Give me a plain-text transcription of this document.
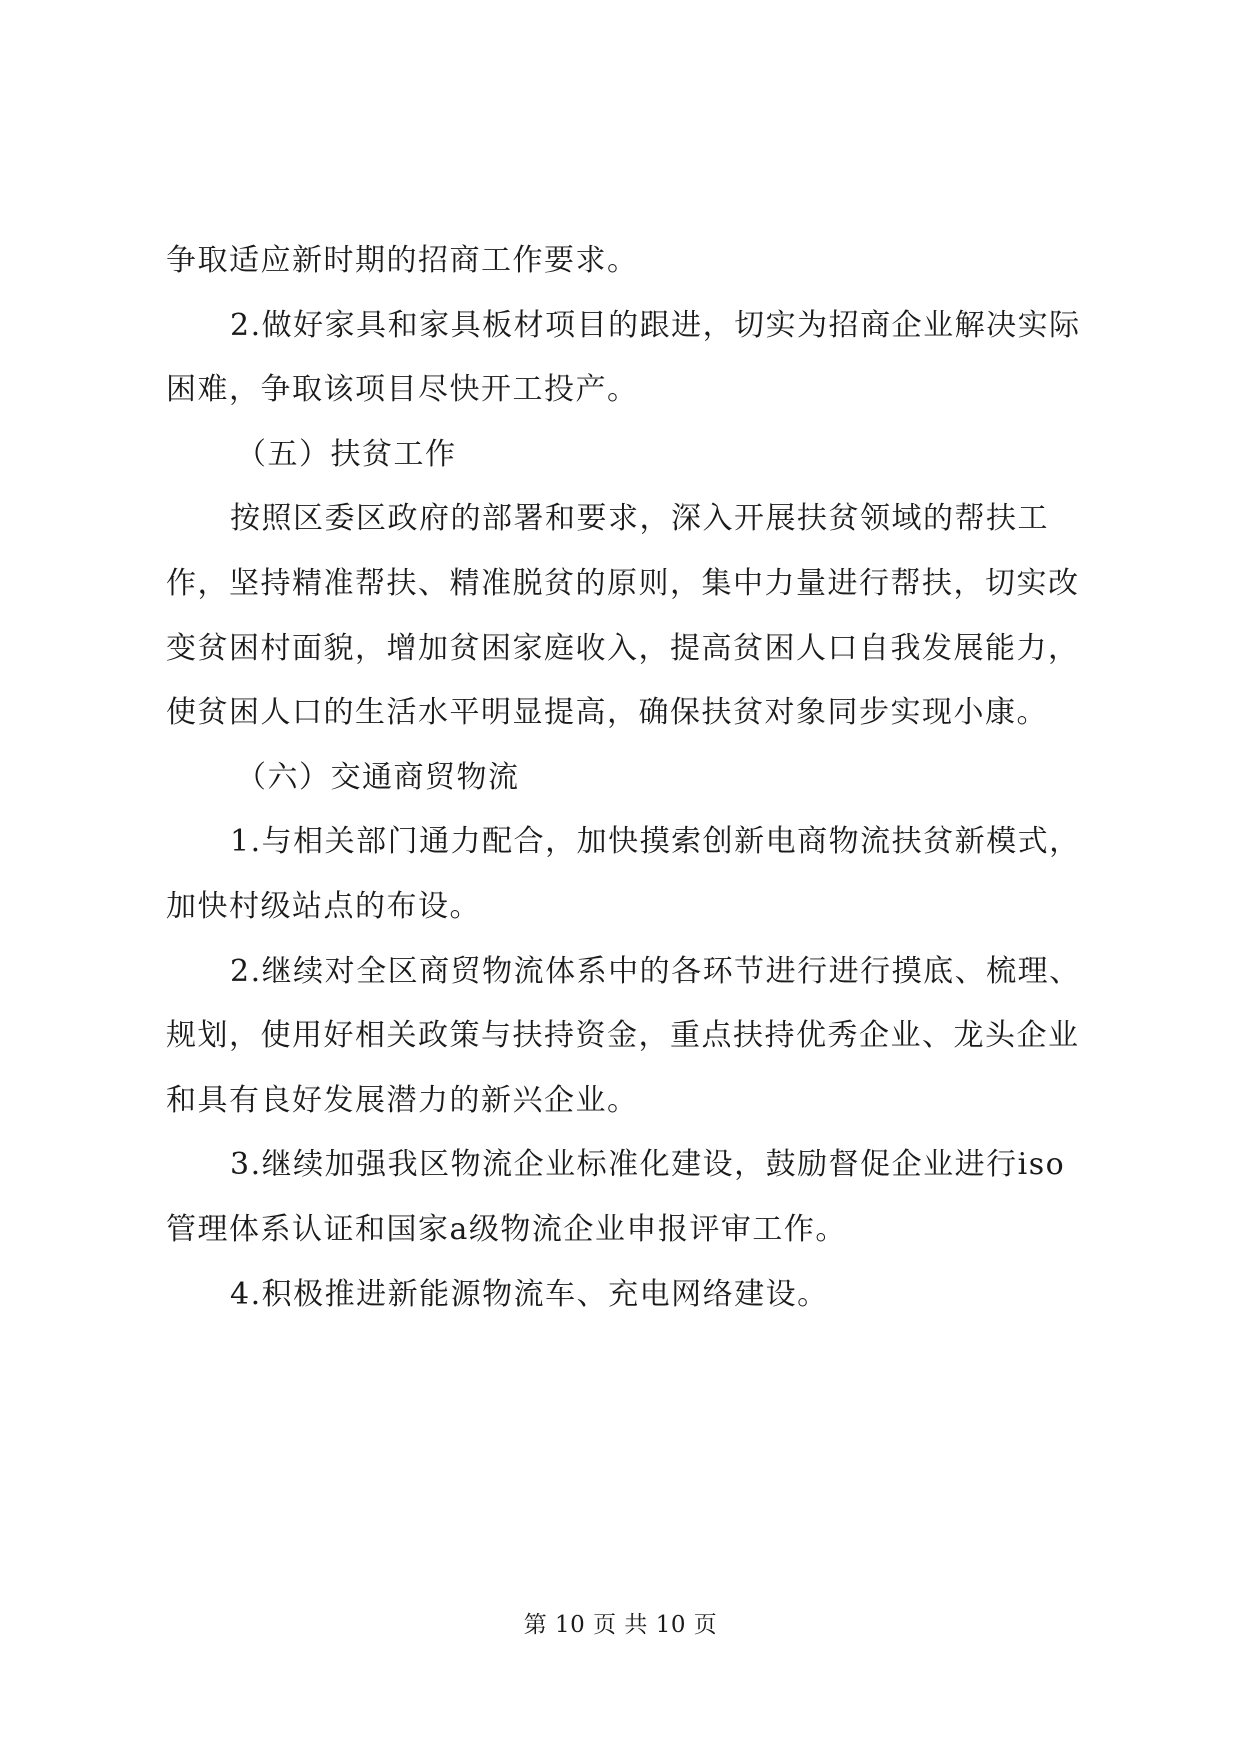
争取适应新时期的招商工作要求。

2.做好家具和家具板材项目的跟进，切实为招商企业解决实际困难，争取该项目尽快开工投产。

（五）扶贫工作

按照区委区政府的部署和要求，深入开展扶贫领域的帮扶工作，坚持精准帮扶、精准脱贫的原则，集中力量进行帮扶，切实改变贫困村面貌，增加贫困家庭收入，提高贫困人口自我发展能力，使贫困人口的生活水平明显提高，确保扶贫对象同步实现小康。

（六）交通商贸物流

1.与相关部门通力配合，加快摸索创新电商物流扶贫新模式，加快村级站点的布设。

2.继续对全区商贸物流体系中的各环节进行进行摸底、梳理、规划，使用好相关政策与扶持资金，重点扶持优秀企业、龙头企业和具有良好发展潜力的新兴企业。

3.继续加强我区物流企业标准化建设，鼓励督促企业进行iso管理体系认证和国家a级物流企业申报评审工作。

4.积极推进新能源物流车、充电网络建设。

第 10 页 共 10 页
